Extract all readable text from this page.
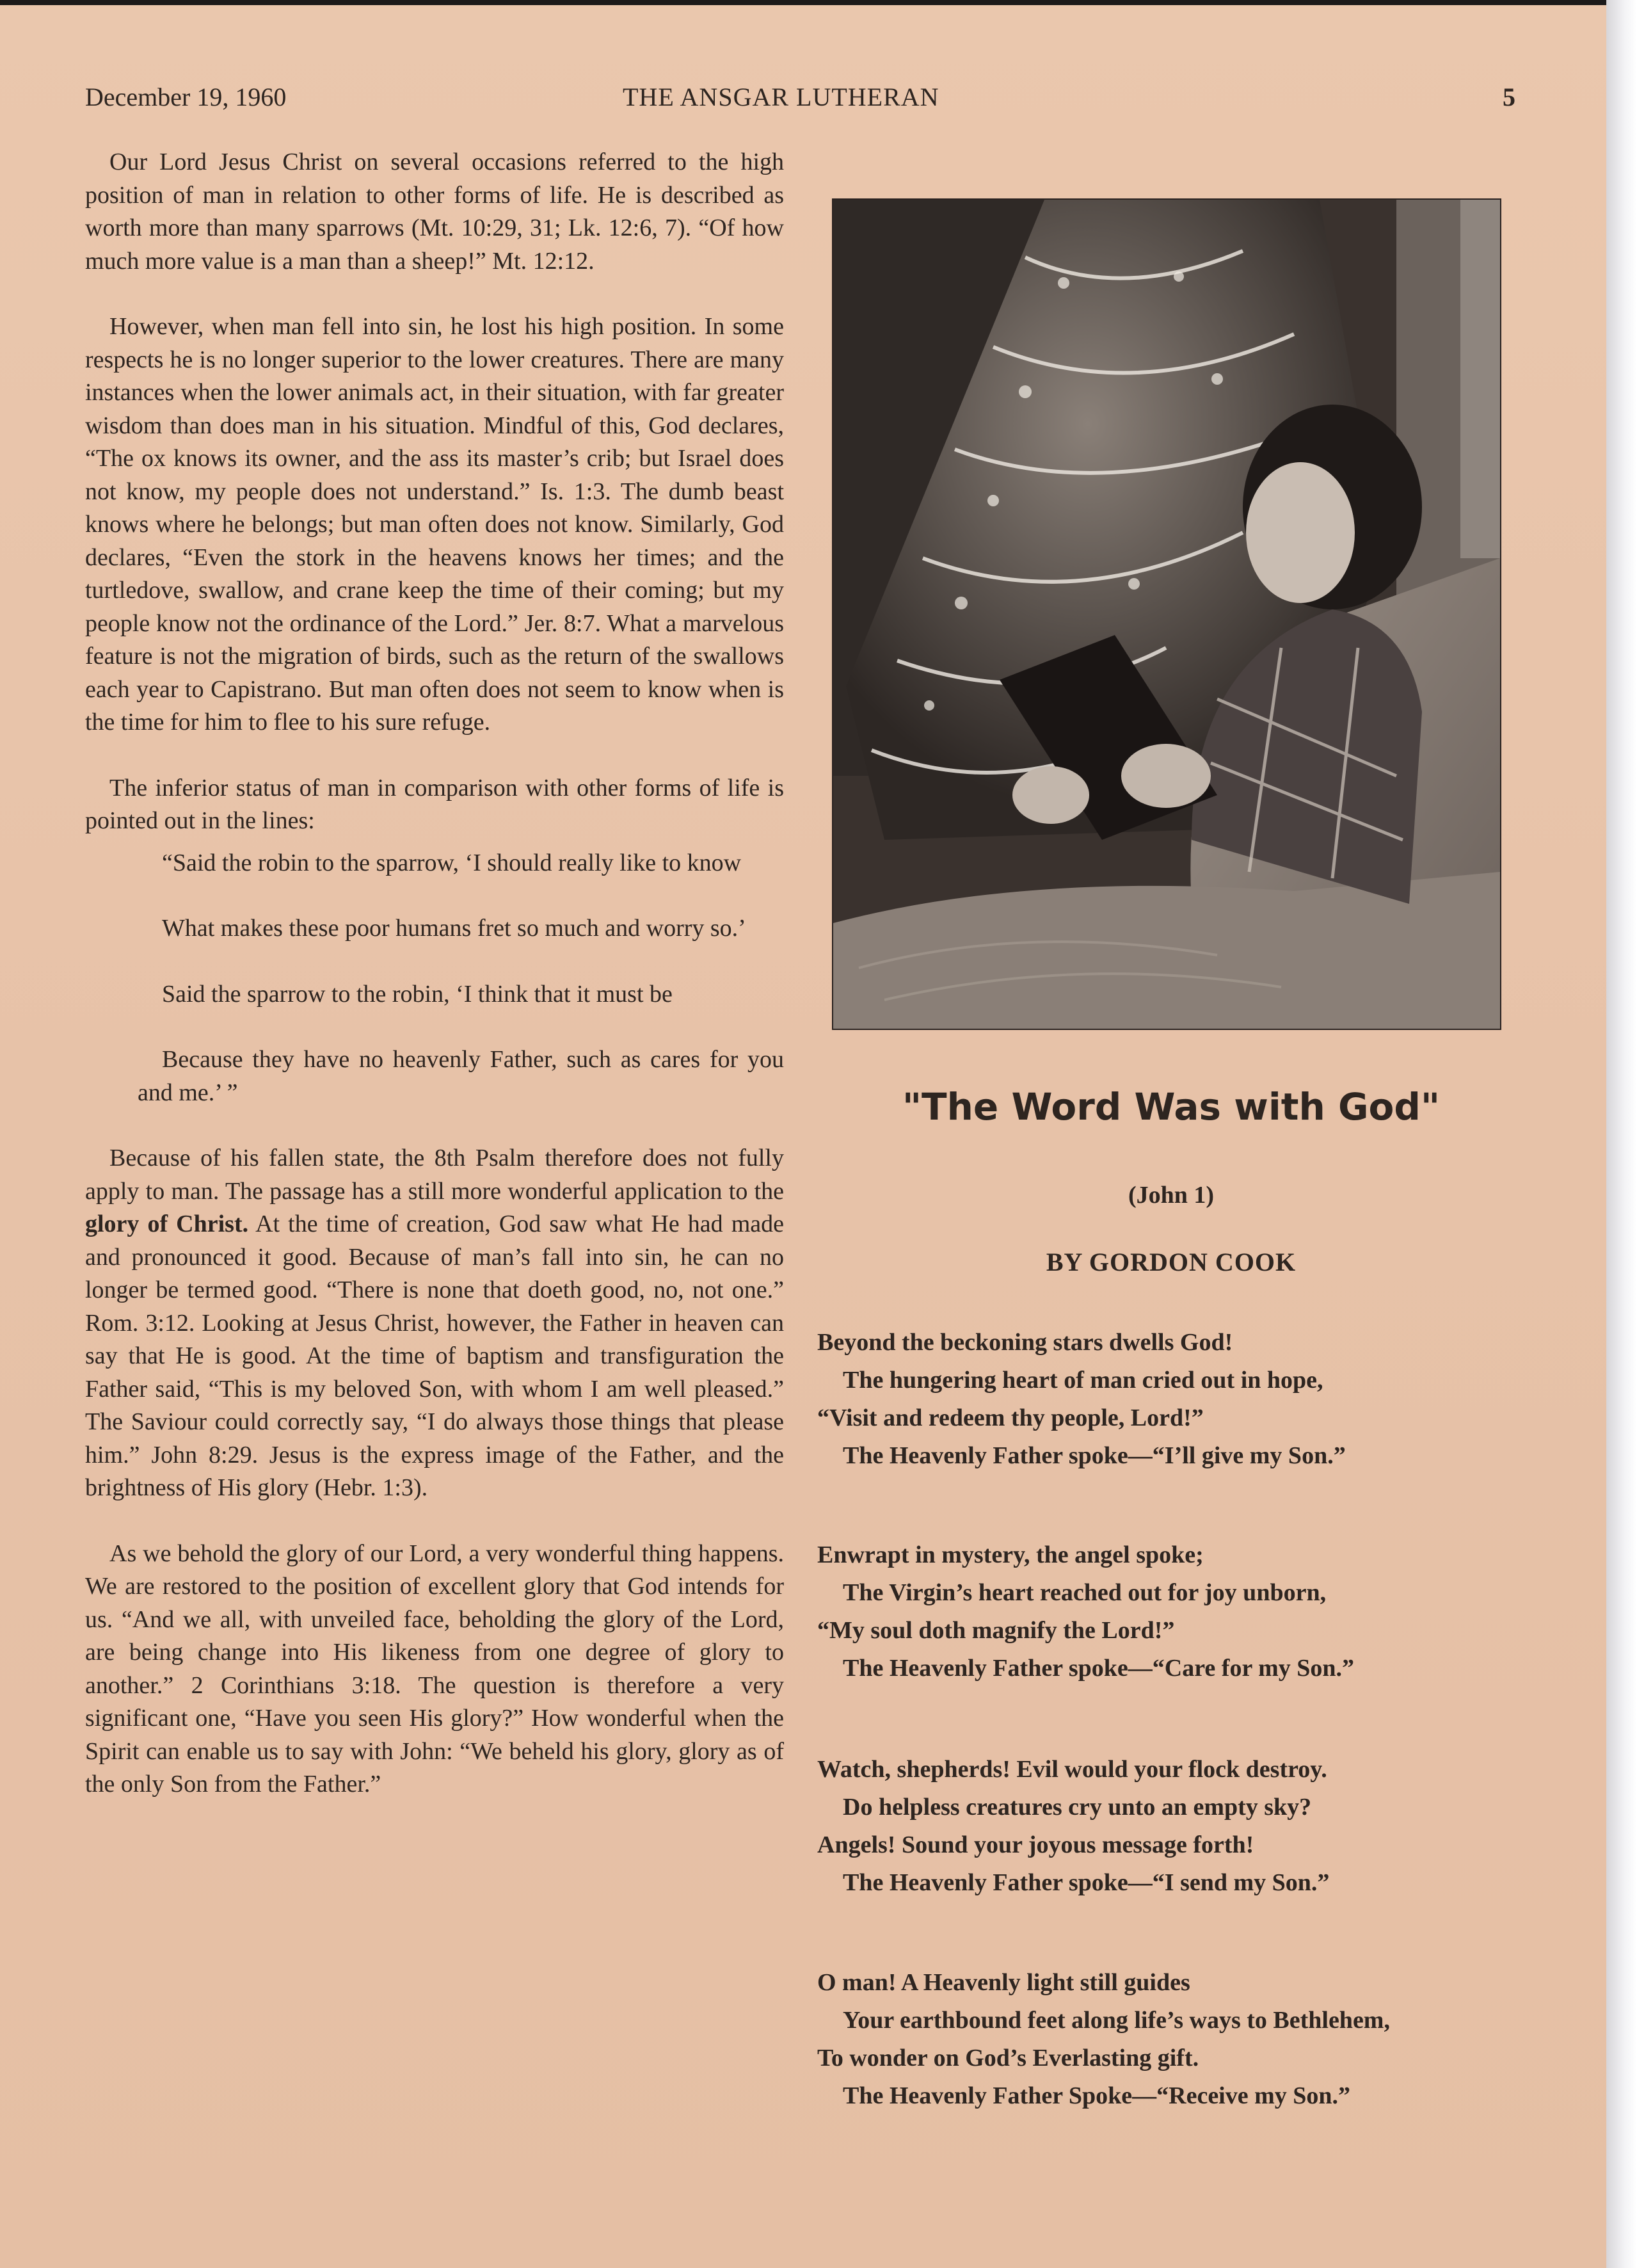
December 19, 1960	THE ANSGAR LUTHERAN	5

Our Lord Jesus Christ on several occasions referred to the high position of man in relation to other forms of life. He is described as worth more than many sparrows (Mt. 10:29, 31; Lk. 12:6, 7). “Of how much more value is a man than a sheep!” Mt. 12:12.

However, when man fell into sin, he lost his high position. In some respects he is no longer superior to the lower creatures. There are many instances when the lower animals act, in their situation, with far greater wisdom than does man in his situation. Mindful of this, God declares, “The ox knows its owner, and the ass its master’s crib; but Israel does not know, my people does not understand.” Is. 1:3. The dumb beast knows where he belongs; but man often does not know. Similarly, God declares, “Even the stork in the heavens knows her times; and the turtledove, swallow, and crane keep the time of their coming; but my people know not the ordinance of the Lord.” Jer. 8:7. What a marvelous feature is not the migration of birds, such as the return of the swallows each year to Capistrano. But man often does not seem to know when is the time for him to flee to his sure refuge.

The inferior status of man in comparison with other forms of life is pointed out in the lines:

“Said the robin to the sparrow, ‘I should really like to know

What makes these poor humans fret so much and worry so.’

Said the sparrow to the robin, ‘I think that it must be

Because they have no heavenly Father, such as cares for you and me.’ ”

Because of his fallen state, the 8th Psalm therefore does not fully apply to man. The passage has a still more wonderful application to the glory of Christ. At the time of creation, God saw what He had made and pronounced it good. Because of man’s fall into sin, he can no longer be termed good. “There is none that doeth good, no, not one.” Rom. 3:12. Looking at Jesus Christ, however, the Father in heaven can say that He is good. At the time of baptism and transfiguration the Father said, “This is my beloved Son, with whom I am well pleased.” The Saviour could correctly say, “I do always those things that please him.” John 8:29. Jesus is the express image of the Father, and the brightness of His glory (Hebr. 1:3).

As we behold the glory of our Lord, a very wonderful thing happens. We are restored to the position of excellent glory that God intends for us. “And we all, with unveiled face, beholding the glory of the Lord, are being change into His likeness from one degree of glory to another.” 2 Corinthians 3:18. The question is therefore a very significant one, “Have you seen His glory?” How wonderful when the Spirit can enable us to say with John: “We beheld his glory, glory as of the only Son from the Father.”

"The Word Was with God"
(John 1)
BY GORDON COOK
Beyond the beckoning stars dwells God!
The hungering heart of man cried out in hope,
“Visit and redeem thy people, Lord!”
The Heavenly Father spoke—“I’ll give my Son.”
Enwrapt in mystery, the angel spoke;
The Virgin’s heart reached out for joy unborn,
“My soul doth magnify the Lord!”
The Heavenly Father spoke—“Care for my Son.”
Watch, shepherds! Evil would your flock destroy.
Do helpless creatures cry unto an empty sky?
Angels! Sound your joyous message forth!
The Heavenly Father spoke—“I send my Son.”
O man! A Heavenly light still guides
Your earthbound feet along life’s ways to Bethlehem,
To wonder on God’s Everlasting gift.
The Heavenly Father Spoke—“Receive my Son.”
